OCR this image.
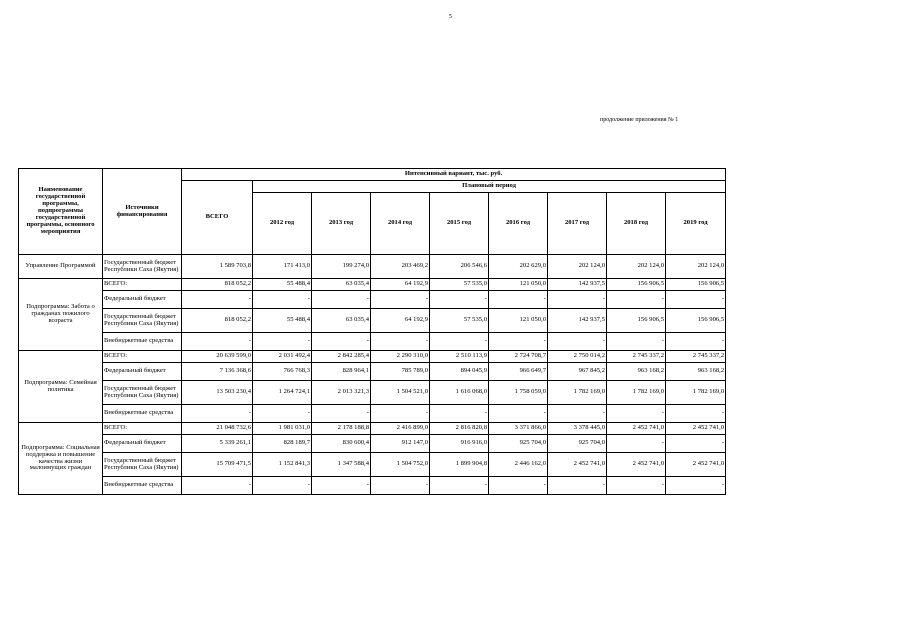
5
продолжение приложения № 1
Наименование государственной программы, подпрограммы государственной программы, основного мероприятия	Источники финансирования	Интенсивный вариант, тыс. руб.								
		ВСЕГО	Плановый период							
			2012 год	2013 год	2014 год	2015 год	2016 год	2017 год	2018 год	2019 год
Управление Программой	Государственный бюджет Республики Саха (Якутия)	1 589 703,8	171 413,0	199 274,0	203 469,2	206 546,6	202 629,0	202 124,0	202 124,0	202 124,0
Подпрограмма: Забота о гражданах пожилого возраста	ВСЕГО:	818 052,2	55 488,4	63 035,4	64 192,9	57 535,0	121 050,0	142 937,5	156 906,5	156 906,5
	Федеральный бюджет	-	-	-	-	-	-	-	-	-
	Государственный бюджет Республики Саха (Якутия)	818 052,2	55 488,4	63 035,4	64 192,9	57 535,0	121 050,0	142 937,5	156 906,5	156 906,5
	Внебюджетные средства	-	-	-	-	-	-	-	-	-
Подпрограмма: Семейная политика	ВСЕГО:	20 639 599,0	2 031 492,4	2 842 285,4	2 290 310,0	2 510 113,9	2 724 708,7	2 750 014,2	2 745 337,2	2 745 337,2
	Федеральный бюджет	7 136 368,6	766 768,3	828 964,1	785 789,0	894 045,9	966 649,7	967 845,2	963 168,2	963 168,2
	Государственный бюджет Республики Саха (Якутия)	13 503 230,4	1 264 724,1	2 013 321,3	1 504 521,0	1 616 068,0	1 758 059,0	1 782 169,0	1 782 169,0	1 782 169,0
	Внебюджетные средства	-	-	-	-	-	-	-	-	-
Подпрограмма: Социальная поддержка и повышение качества жизни малоимущих граждан	ВСЕГО:	21 048 732,6	1 981 031,0	2 178 188,8	2 416 899,0	2 816 820,8	3 371 866,0	3 378 445,0	2 452 741,0	2 452 741,0
	Федеральный бюджет	5 339 261,1	828 189,7	830 600,4	912 147,0	916 916,0	925 704,0	925 704,0	-	-
	Государственный бюджет Республики Саха (Якутия)	15 709 471,5	1 152 841,3	1 347 588,4	1 504 752,0	1 899 904,8	2 446 162,0	2 452 741,0	2 452 741,0	2 452 741,0
	Внебюджетные средства	-	-	-	-	-	-	-	-	-
